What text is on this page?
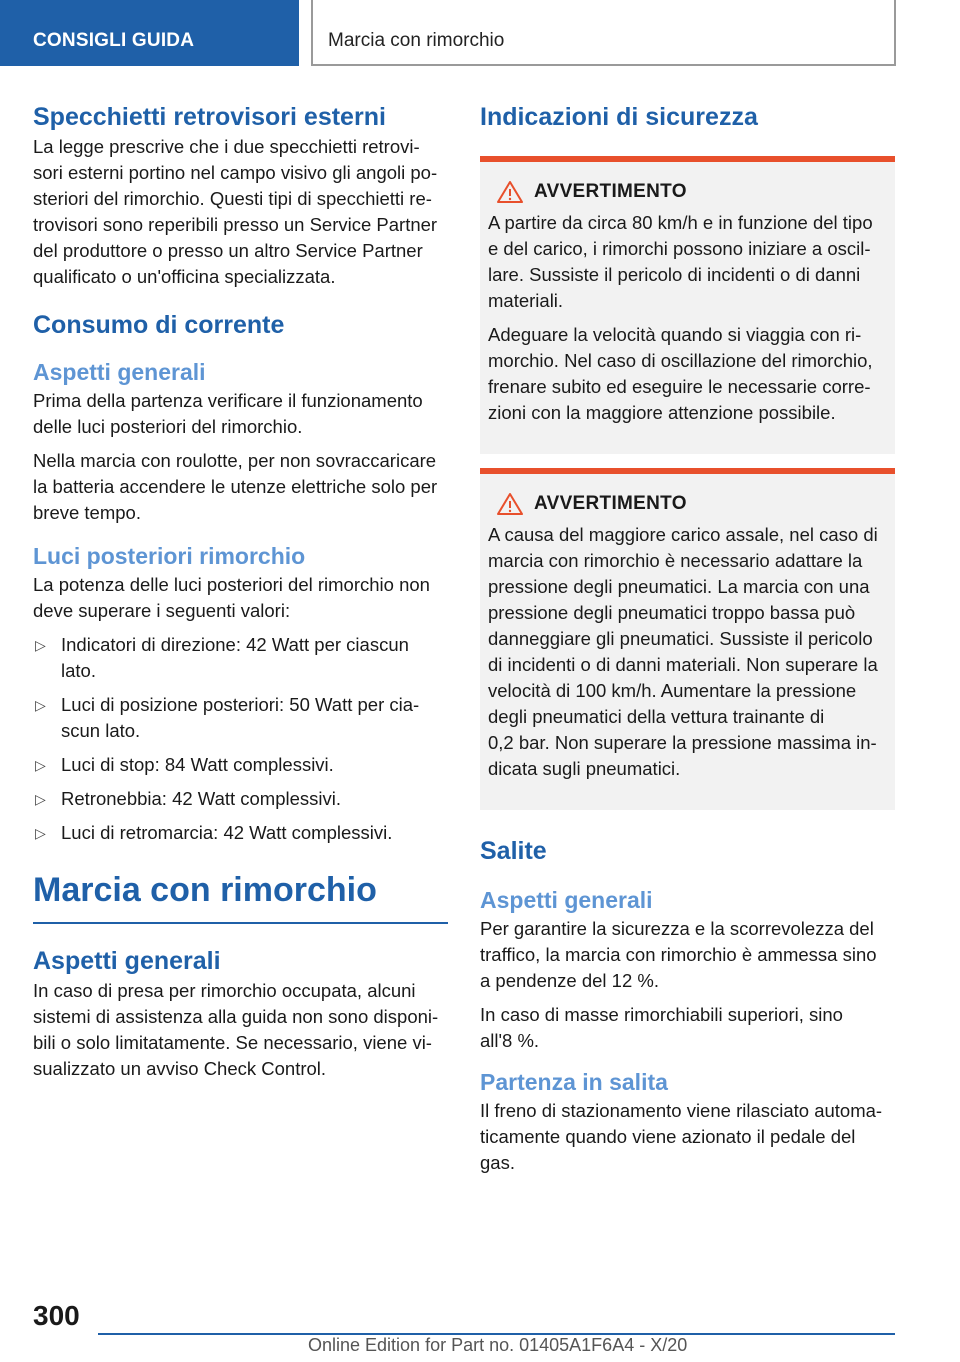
CONSIGLI GUIDA	Marcia con rimorchio
Specchietti retrovisori esterni

La legge prescrive che i due specchietti retrovi-
sori esterni portino nel campo visivo gli angoli po-
steriori del rimorchio. Questi tipi di specchietti re-
trovisori sono reperibili presso un Service Partner
del produttore o presso un altro Service Partner
qualificato o un'officina specializzata.

Consumo di corrente
Aspetti generali

Prima della partenza verificare il funzionamento
delle luci posteriori del rimorchio.

Nella marcia con roulotte, per non sovraccaricare
la batteria accendere le utenze elettriche solo per
breve tempo.

Luci posteriori rimorchio

La potenza delle luci posteriori del rimorchio non
deve superare i seguenti valori:

▷ Indicatori di direzione: 42 Watt per ciascun
lato.
▷ Luci di posizione posteriori: 50 Watt per cia-
scun lato.
▷ Luci di stop: 84 Watt complessivi.
▷ Retronebbia: 42 Watt complessivi.
▷ Luci di retromarcia: 42 Watt complessivi.
Marcia con rimorchio
Aspetti generali

In caso di presa per rimorchio occupata, alcuni
sistemi di assistenza alla guida non sono disponi-
bili o solo limitatamente. Se necessario, viene vi-
sualizzato un avviso Check Control.

Indicazioni di sicurezza
AVVERTIMENTO

A partire da circa 80 km/h e in funzione del tipo
e del carico, i rimorchi possono iniziare a oscil-
lare. Sussiste il pericolo di incidenti o di danni
materiali.

Adeguare la velocità quando si viaggia con ri-
morchio. Nel caso di oscillazione del rimorchio,
frenare subito ed eseguire le necessarie corre-
zioni con la maggiore attenzione possibile.

AVVERTIMENTO

A causa del maggiore carico assale, nel caso di
marcia con rimorchio è necessario adattare la
pressione degli pneumatici. La marcia con una
pressione degli pneumatici troppo bassa può
danneggiare gli pneumatici. Sussiste il pericolo
di incidenti o di danni materiali. Non superare la
velocità di 100 km/h. Aumentare la pressione
degli pneumatici della vettura trainante di
0,2 bar. Non superare la pressione massima in-
dicata sugli pneumatici.

Salite
Aspetti generali

Per garantire la sicurezza e la scorrevolezza del
traffico, la marcia con rimorchio è ammessa sino
a pendenze del 12 %.

In caso di masse rimorchiabili superiori, sino
all'8 %.

Partenza in salita

Il freno di stazionamento viene rilasciato automa-
ticamente quando viene azionato il pedale del
gas.

300
Online Edition for Part no. 01405A1F6A4 - X/20
